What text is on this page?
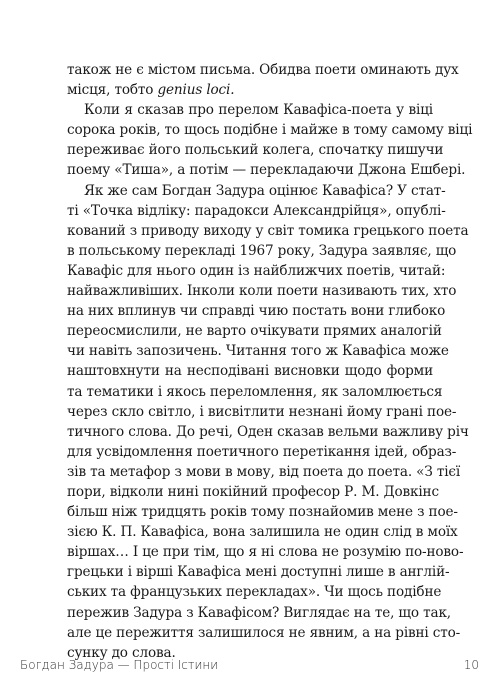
також не є містом письма. Обидва поети оминають дух
місця, тобто genius loci.

Коли я сказав про перелом Кавафіса-поета у віці
сорока років, то щось подібне і майже в тому самому віці
переживає його польський колега, спочатку пишучи
поему «Тиша», а потім — перекладаючи Джона Ешбері.

Як же сам Богдан Задура оцінює Кавафіса? У стат-
ті «Точка відліку: парадокси Александрійця», опублі-
кований з приводу виходу у світ томика грецького поета
в польському перекладі 1967 року, Задура заявляє, що
Кавафіс для нього один із найближчих поетів, читай:
найважливіших. Інколи коли поети називають тих, хто
на них вплинув чи справді чию постать вони глибоко
переосмислили, не варто очікувати прямих аналогій
чи навіть запозичень. Читання того ж Кавафіса може
наштовхнути на несподівані висновки щодо форми
та тематики і якось переломлення, як заломлюється
через скло світло, і висвітлити незнані йому грані пое-
тичного слова. До речі, Оден сказав вельми важливу річ
для усвідомлення поетичного перетікання ідей, образ-
зів та метафор з мови в мову, від поета до поета. «З тієї
пори, відколи нині покійний професор Р. М. Довкінс
більш ніж тридцять років тому познайомив мене з пое-
зією К. П. Кавафіса, вона залишила не один слід в моїх
віршах… І це при тім, що я ні слова не розумію по-ново-
грецьки і вірші Кавафіса мені доступні лише в англій-
ських та французьких перекладах». Чи щось подібне
пережив Задура з Кавафісом? Виглядає на те, що так,
але це пережиття залишилося не явним, а на рівні сто-
сунку до слова.

Богдан Задура — Прості Істини	10
